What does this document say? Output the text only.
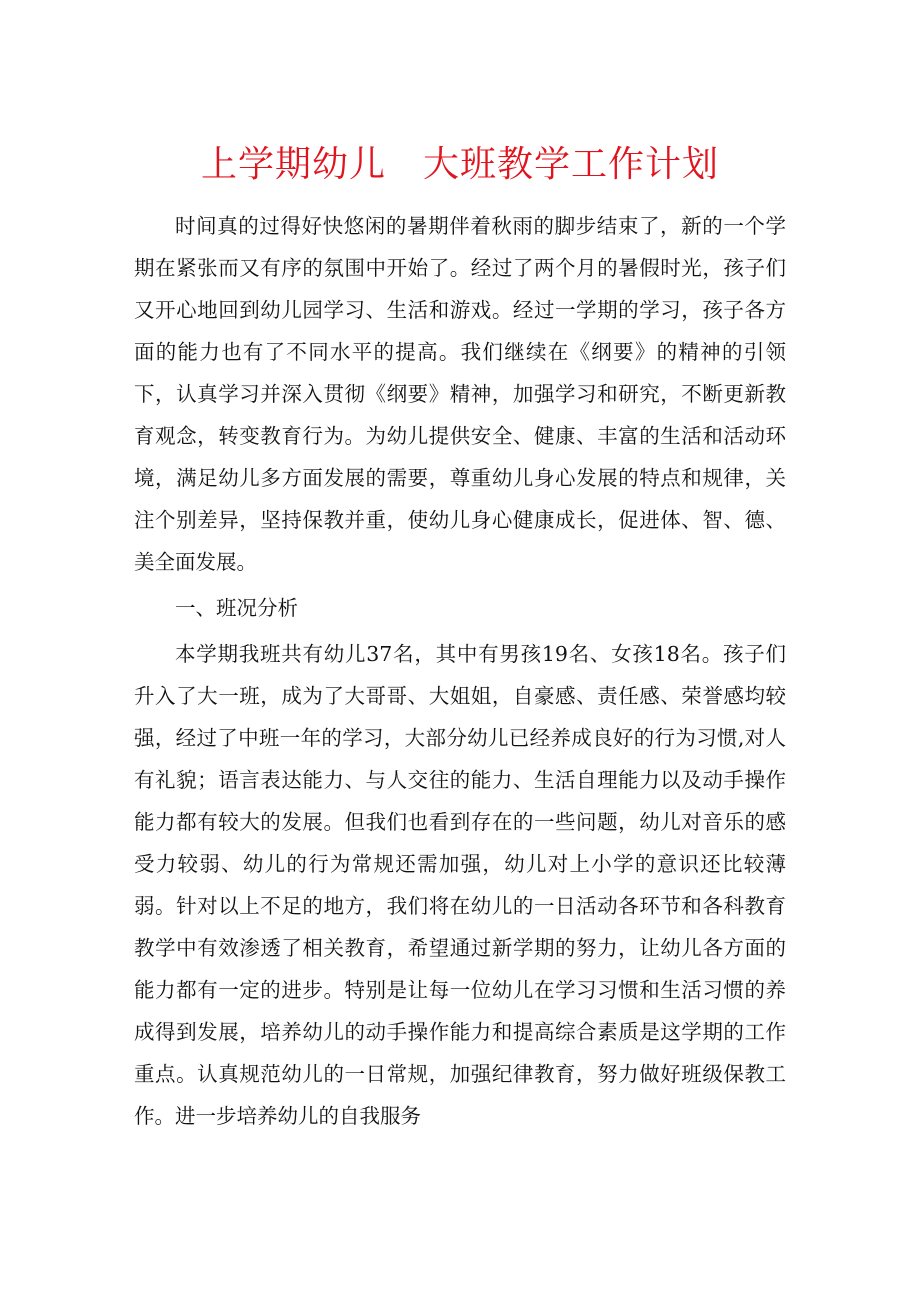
上学期幼儿　大班教学工作计划

时间真的过得好快悠闲的暑期伴着秋雨的脚步结束了，新的一个学期在紧张而又有序的氛围中开始了。经过了两个月的暑假时光，孩子们又开心地回到幼儿园学习、生活和游戏。经过一学期的学习，孩子各方面的能力也有了不同水平的提高。我们继续在《纲要》的精神的引领下，认真学习并深入贯彻《纲要》精神，加强学习和研究，不断更新教育观念，转变教育行为。为幼儿提供安全、健康、丰富的生活和活动环境，满足幼儿多方面发展的需要，尊重幼儿身心发展的特点和规律，关注个别差异，坚持保教并重，使幼儿身心健康成长，促进体、智、德、美全面发展。

一、班况分析

本学期我班共有幼儿37名，其中有男孩19名、女孩18名。孩子们升入了大一班，成为了大哥哥、大姐姐，自豪感、责任感、荣誉感均较强，经过了中班一年的学习，大部分幼儿已经养成良好的行为习惯,对人有礼貌；语言表达能力、与人交往的能力、生活自理能力以及动手操作能力都有较大的发展。但我们也看到存在的一些问题，幼儿对音乐的感受力较弱、幼儿的行为常规还需加强，幼儿对上小学的意识还比较薄弱。针对以上不足的地方，我们将在幼儿的一日活动各环节和各科教育教学中有效渗透了相关教育，希望通过新学期的努力，让幼儿各方面的能力都有一定的进步。特别是让每一位幼儿在学习习惯和生活习惯的养成得到发展，培养幼儿的动手操作能力和提高综合素质是这学期的工作重点。认真规范幼儿的一日常规，加强纪律教育，努力做好班级保教工作。进一步培养幼儿的自我服务
